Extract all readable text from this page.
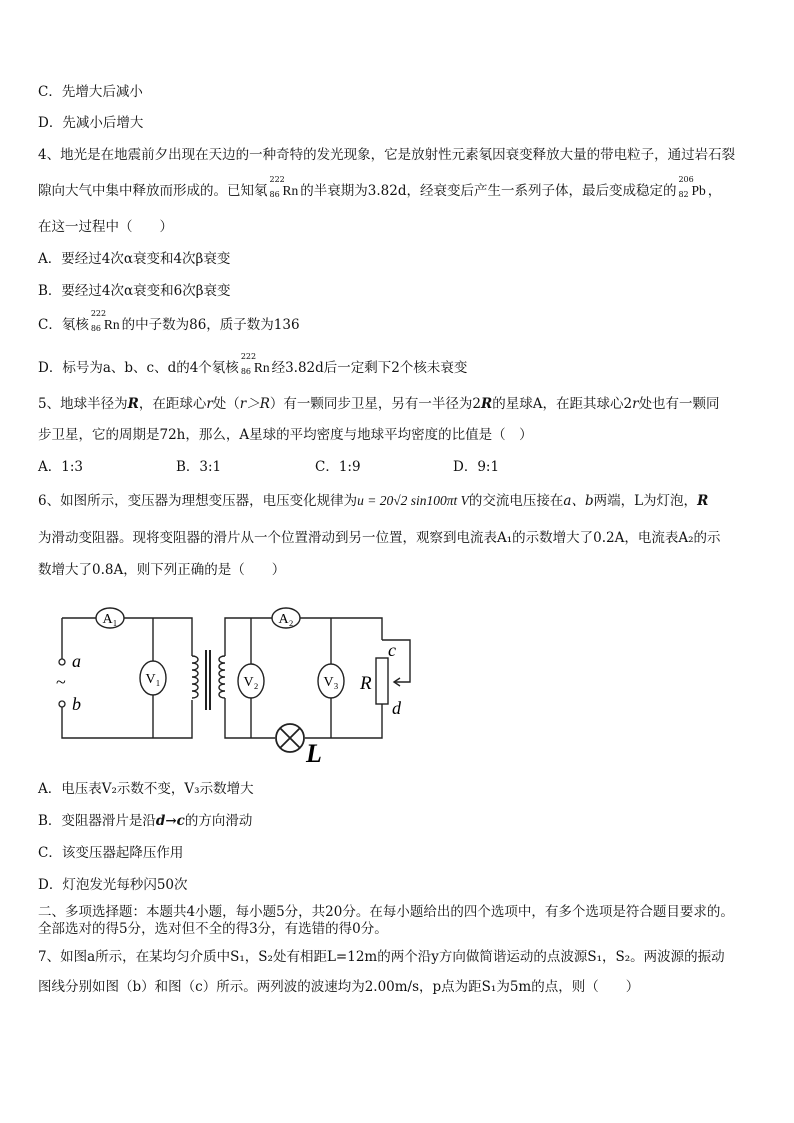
C．先增大后减小
D．先减小后增大
4、地光是在地震前夕出现在天边的一种奇特的发光现象，它是放射性元素氡因衰变释放大量的带电粒子，通过岩石裂
隙向大气中集中释放而形成的。已知氡
222
86 Rn 的半衰期为3.82d，经衰变后产生一系列子体，最后变成稳定的
206
82 Pb ，
在这一过程中（　　）
A．要经过4次α衰变和4次β衰变
B．要经过4次α衰变和6次β衰变
C．氡核
222
86 Rn 的中子数为86，质子数为136
D．标号为a、b、c、d的4个氡核
222
86 Rn 经3.82d后一定剩下2个核未衰变
5、地球半径为R，在距球心r处（r＞R）有一颗同步卫星，另有一半径为2R的星球A，在距其球心2r处也有一颗同
步卫星，它的周期是72h，那么，A星球的平均密度与地球平均密度的比值是（　）
A．1:3	B．3:1	C．1:9	D．9:1
6、如图所示，变压器为理想变压器，电压变化规律为u = 20√2 sin100πt V的交流电压接在a、b两端，L为灯泡，R
为滑动变阻器。现将变阻器的滑片从一个位置滑动到另一位置，观察到电流表A₁的示数增大了0.2A，电流表A₂的示
数增大了0.8A，则下列正确的是（　　）
A₁	A₂
V₁	V₂	V₃
a
~
b
R
c
d
L
A．电压表V₂示数不变，V₃示数增大
B．变阻器滑片是沿d→c的方向滑动
C．该变压器起降压作用
D．灯泡发光每秒闪50次
二、多项选择题：本题共4小题，每小题5分，共20分。在每小题给出的四个选项中，有多个选项是符合题目要求的。
全部选对的得5分，选对但不全的得3分，有选错的得0分。
7、如图a所示，在某均匀介质中S₁，S₂处有相距L=12m的两个沿y方向做简谐运动的点波源S₁，S₂。两波源的振动
图线分别如图（b）和图（c）所示。两列波的波速均为2.00m/s，p点为距S₁为5m的点，则（　　）
